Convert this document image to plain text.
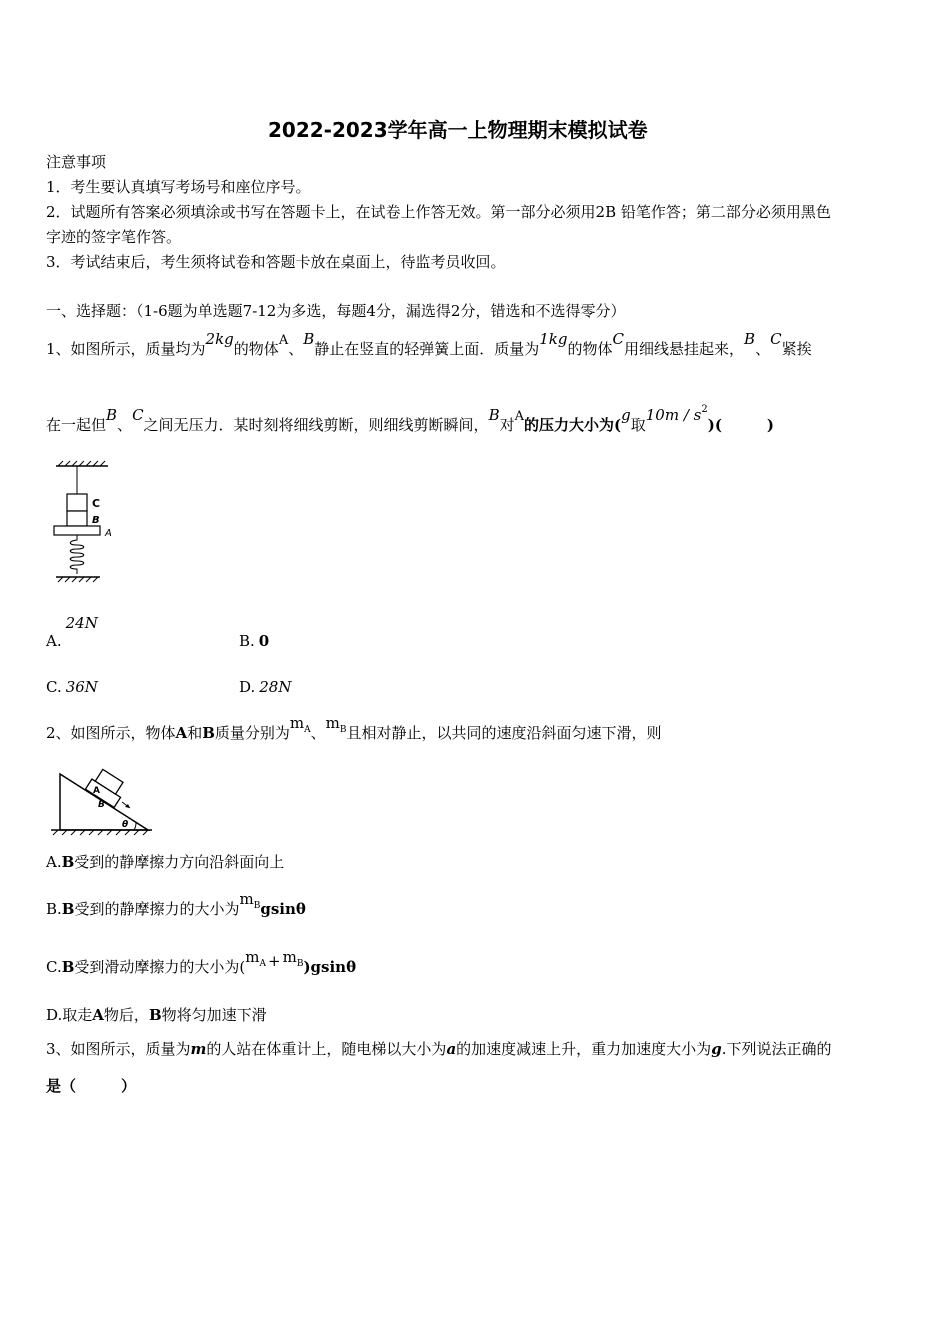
2022-2023学年高一上物理期末模拟试卷
注意事项
1．考生要认真填写考场号和座位序号。
2．试题所有答案必须填涂或书写在答题卡上，在试卷上作答无效。第一部分必须用2B 铅笔作答；第二部分必须用黑色
字迹的签字笔作答。
3．考试结束后，考生须将试卷和答题卡放在桌面上，待监考员收回。
一、选择题：（1-6题为单选题7-12为多选，每题4分，漏选得2分，错选和不选得零分）
1、如图所示，质量均为2kg的物体A、B静止在竖直的轻弹簧上面．质量为1kg的物体C用细线悬挂起来，B、C紧挨
在一起但B、C之间无压力．某时刻将细线剪断，则细线剪断瞬间，B对A的压力大小为(g取$10m / s^2$)(　　　)
C
B
A
A.24N
B. 0
C. 36N	D. 28N
2、如图所示，物体A和B质量分别为$m_A$、$m_B$且相对静止，以共同的速度沿斜面匀速下滑，则
A
B
θ
A.B受到的静摩擦力方向沿斜面向上
B.B受到的静摩擦力的大小为$m_Bgsin\theta$
C.B受到滑动摩擦力的大小为$(m_A + m_B)gsin\theta$
D.取走A物后，B物将匀加速下滑
3、如图所示，质量为m的人站在体重计上，随电梯以大小为a的加速度减速上升，重力加速度大小为g.下列说法正确的
是（　　　）
